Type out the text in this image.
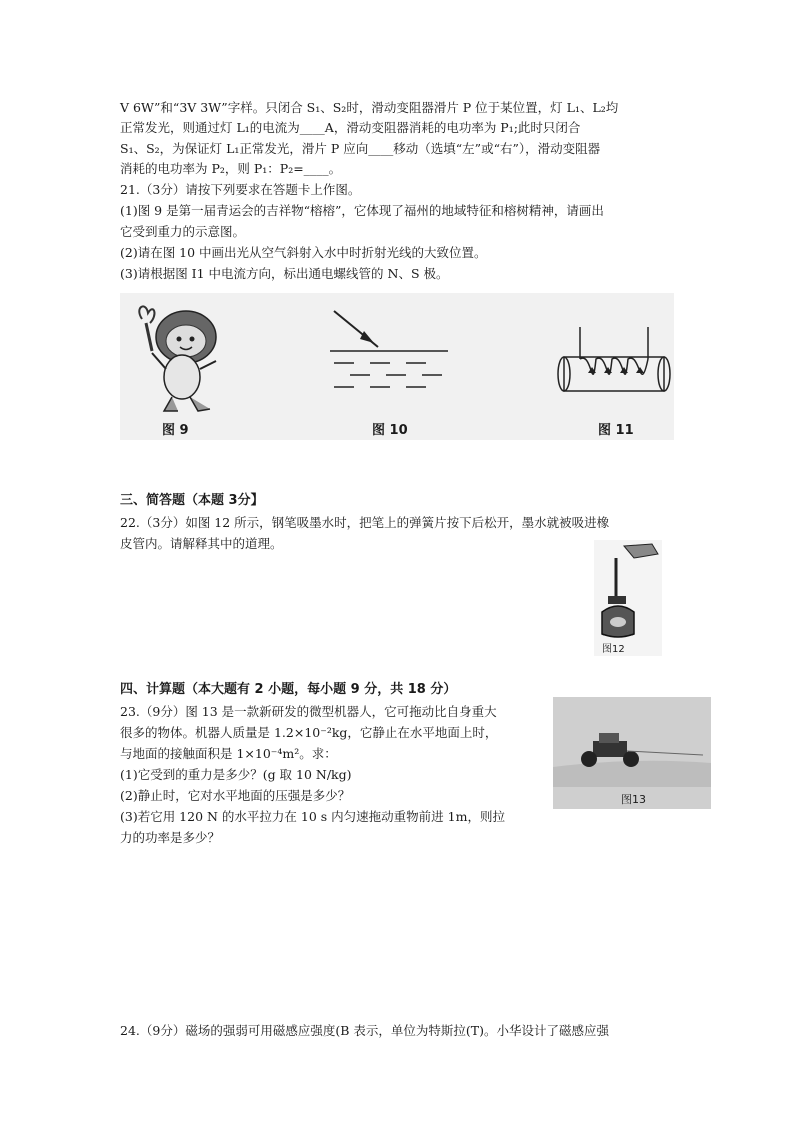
V 6W”和“3V 3W”字样。只闭合 S₁、S₂时，滑动变阻器滑片 P 位于某位置，灯 L₁、L₂均
正常发光，则通过灯 L₁的电流为____A，滑动变阻器消耗的电功率为 P₁;此时只闭合
S₁、S₂，为保证灯 L₁正常发光，滑片 P 应向____移动（选填“左”或“右”），滑动变阻器
消耗的电功率为 P₂，则 P₁：P₂=____。
21.（3分）请按下列要求在答题卡上作图。
(1)图 9 是第一届青运会的吉祥物“榕榕”，它体现了福州的地域特征和榕树精神，请画出
它受到重力的示意图。
(2)请在图 10 中画出光从空气斜射入水中时折射光线的大致位置。
(3)请根据图 I1 中电流方向，标出通电螺线管的 N、S 极。
图 9	图 10	图 11
三、简答题（本题 3分】
22.（3分）如图 12 所示，钢笔吸墨水时，把笔上的弹簧片按下后松开，墨水就被吸进橡
皮管内。请解释其中的道理。
图12
四、计算题（本大题有 2 小题，每小题 9 分，共 18 分）
23.（9分）图 13 是一款新研发的微型机器人，它可拖动比自身重大
很多的物体。机器人质量是 1.2×10⁻²kg，它静止在水平地面上时，
与地面的接触面积是 1×10⁻⁴m²。求：
(1)它受到的重力是多少？(g 取 10 N/kg)
(2)静止时，它对水平地面的压强是多少？
(3)若它用 120 N 的水平拉力在 10 s 内匀速拖动重物前进 1m，则拉
力的功率是多少？
图13
24.（9分）磁场的强弱可用磁感应强度(B 表示，单位为特斯拉(T)。小华设计了磁感应强
